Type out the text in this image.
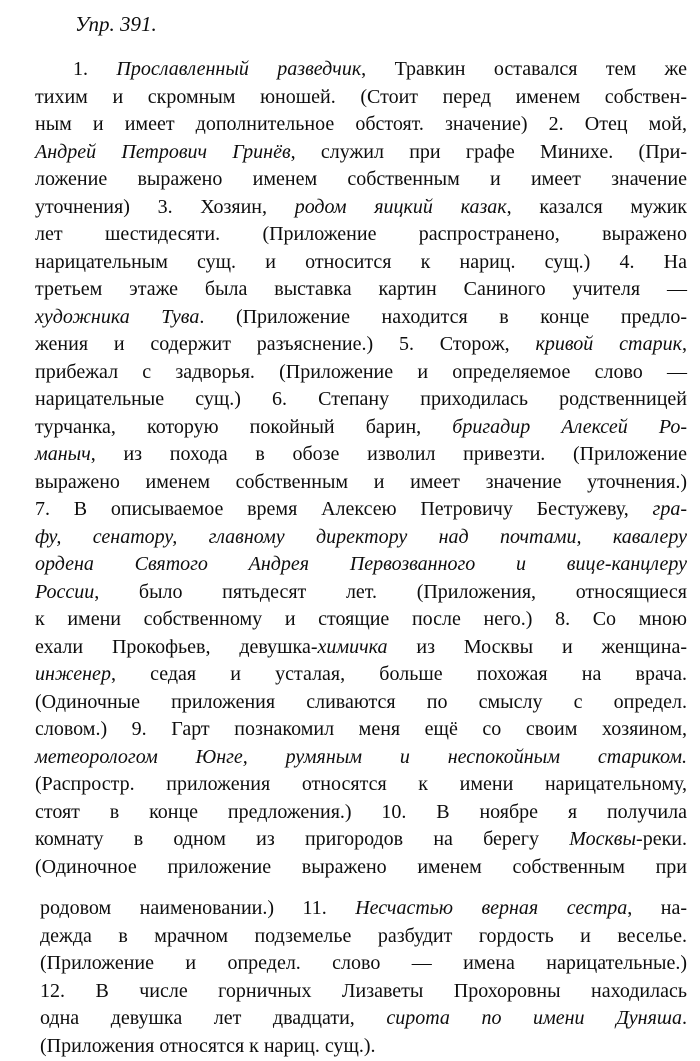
Упр. 391.
1. Прославленный разведчик, Травкин оставался тем же
тихим и скромным юношей. (Стоит перед именем собствен-
ным и имеет дополнительное обстоят. значение) 2. Отец мой,
Андрей Петрович Гринёв, служил при графе Минихе. (При-
ложение выражено именем собственным и имеет значение
уточнения) 3. Хозяин, родом яицкий казак, казался мужик
лет шестидесяти. (Приложение распространено, выражено
нарицательным сущ. и относится к нариц. сущ.) 4. На
третьем этаже была выставка картин Саниного учителя —
художника Тува. (Приложение находится в конце предло-
жения и содержит разъяснение.) 5. Сторож, кривой старик,
прибежал с задворья. (Приложение и определяемое слово —
нарицательные сущ.) 6. Степану приходилась родственницей
турчанка, которую покойный барин, бригадир Алексей Ро-
маныч, из похода в обозе изволил привезти. (Приложение
выражено именем собственным и имеет значение уточнения.)
7. В описываемое время Алексею Петровичу Бестужеву, гра-
фу, сенатору, главному директору над почтами, кавалеру
ордена Святого Андрея Первозванного и вице-канцлеру
России, было пятьдесят лет. (Приложения, относящиеся
к имени собственному и стоящие после него.) 8. Со мною
ехали Прокофьев, девушка-химичка из Москвы и женщина-
инженер, седая и усталая, больше похожая на врача.
(Одиночные приложения сливаются по смыслу с определ.
словом.) 9. Гарт познакомил меня ещё со своим хозяином,
метеорологом Юнге, румяным и неспокойным стариком.
(Распростр. приложения относятся к имени нарицательному,
стоят в конце предложения.) 10. В ноябре я получила
комнату в одном из пригородов на берегу Москвы-реки.
(Одиночное приложение выражено именем собственным при
родовом наименовании.) 11. Несчастью верная сестра, на-
дежда в мрачном подземелье разбудит гордость и веселье.
(Приложение и определ. слово — имена нарицательные.)
12. В числе горничных Лизаветы Прохоровны находилась
одна девушка лет двадцати, сирота по имени Дуняша.
(Приложения относятся к нариц. сущ.).
